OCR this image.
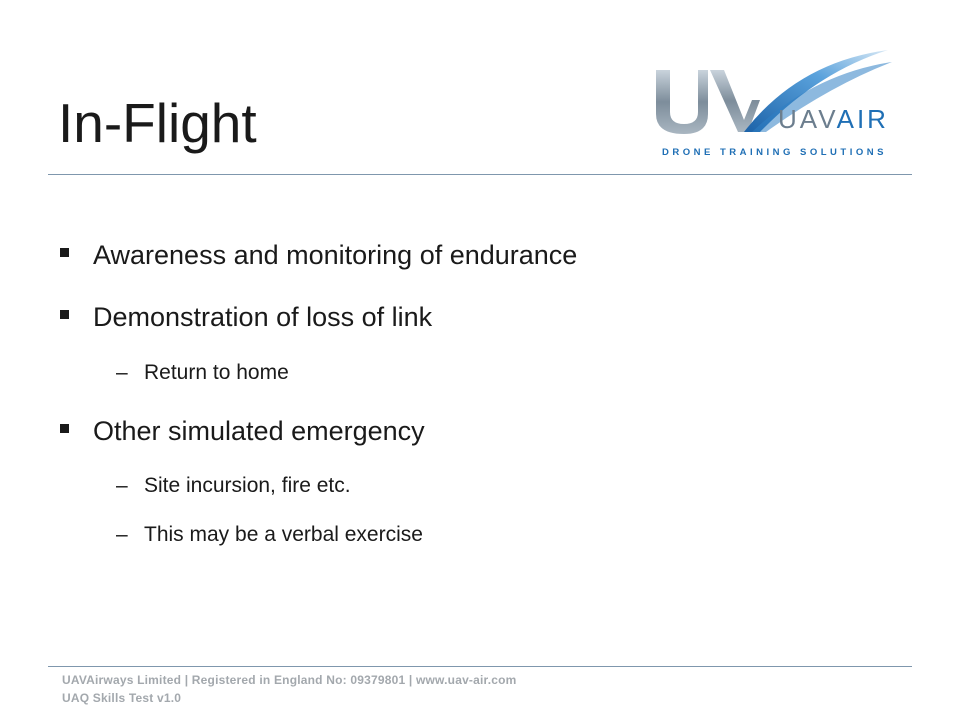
In-Flight	UAVAIR
DRONE TRAINING SOLUTIONS
Awareness and monitoring of endurance
Demonstration of loss of link
– Return to home
Other simulated emergency
– Site incursion, fire etc.
– This may be a verbal exercise
UAVAirways Limited | Registered in England No: 09379801 | www.uav-air.com
UAQ Skills Test v1.0
